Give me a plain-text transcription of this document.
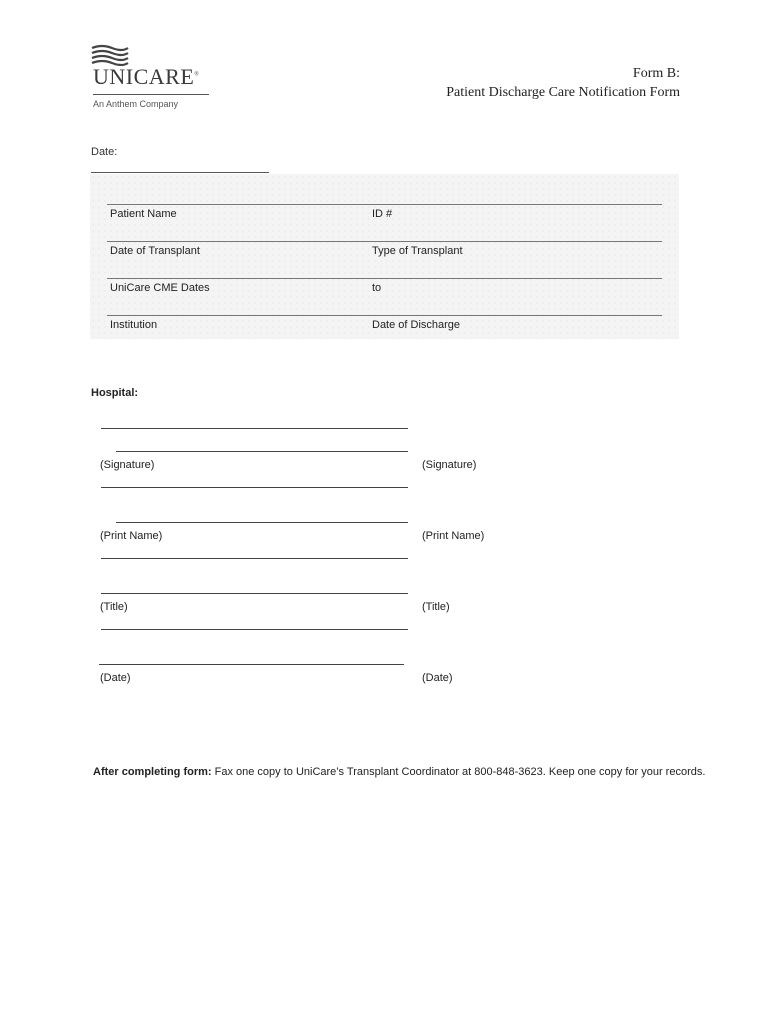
UNICARE®
An Anthem Company
Form B:
Patient Discharge Care Notification Form
Date:
Patient Name	ID #
Date of Transplant	Type of Transplant
UniCare CME Dates	to
Institution	Date of Discharge
Hospital:
(Signature)	(Signature)
(Print Name)	(Print Name)
(Title)	(Title)
(Date)	(Date)
After completing form: Fax one copy to UniCare’s Transplant Coordinator at 800-848-3623. Keep one copy for your records.
